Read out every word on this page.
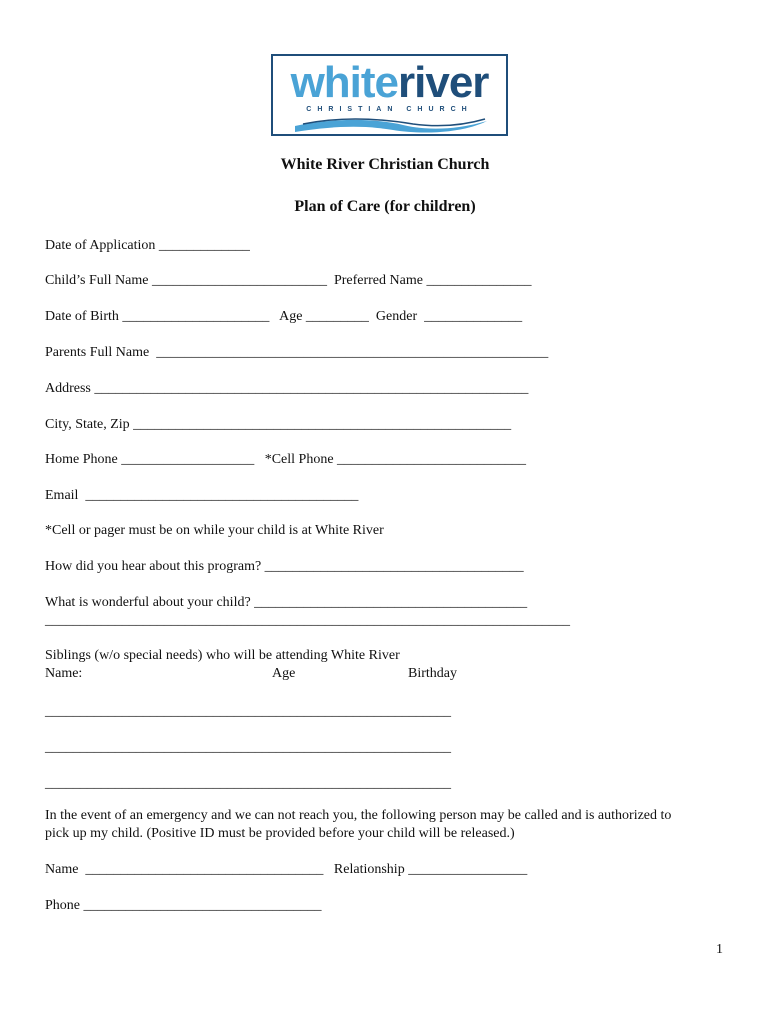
whiteriver
CHRISTIAN CHURCH
White River Christian Church
Plan of Care (for children)
Date of Application _____________
Child’s Full Name _________________________  Preferred Name _______________
Date of Birth _____________________   Age _________  Gender  ______________
Parents Full Name  ________________________________________________________
Address ______________________________________________________________
City, State, Zip ______________________________________________________
Home Phone ___________________   *Cell Phone ___________________________
Email  _______________________________________
*Cell or pager must be on while your child is at White River
How did you hear about this program? _____________________________________
What is wonderful about your child? _______________________________________
___________________________________________________________________________
Siblings (w/o special needs) who will be attending White River
Name:	Age	Birthday
__________________________________________________________
__________________________________________________________
__________________________________________________________
In the event of an emergency and we can not reach you, the following person may be called and is authorized to
pick up my child. (Positive ID must be provided before your child will be released.)
Name  __________________________________   Relationship _________________
Phone __________________________________
1
